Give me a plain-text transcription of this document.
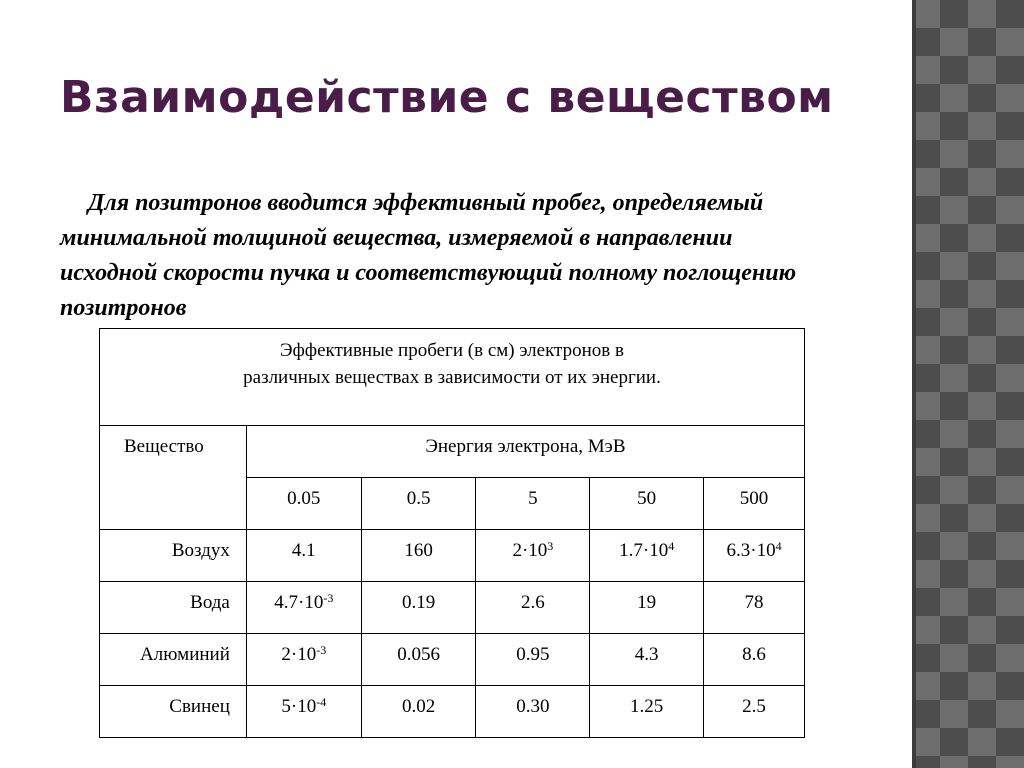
Взаимодействие с веществом

Для позитронов вводится эффективный пробег, определяемый минимальной толщиной вещества, измеряемой в направлении исходной скорости пучка и соответствующий полному поглощению позитронов

Эффективные пробеги (в см) электронов в
различных веществах в зависимости от их энергии.					
Вещество	Энергия электрона, МэВ				
	0.05	0.5	5	50	500
Воздух	4.1	160	$2\cdot 10^3$	$1.7\cdot 10^4$	$6.3\cdot 10^4$
Вода	$4.7\cdot 10^{-3}$	0.19	2.6	19	78
Алюминий	$2\cdot 10^{-3}$	0.056	0.95	4.3	8.6
Свинец	$5\cdot 10^{-4}$	0.02	0.30	1.25	2.5
